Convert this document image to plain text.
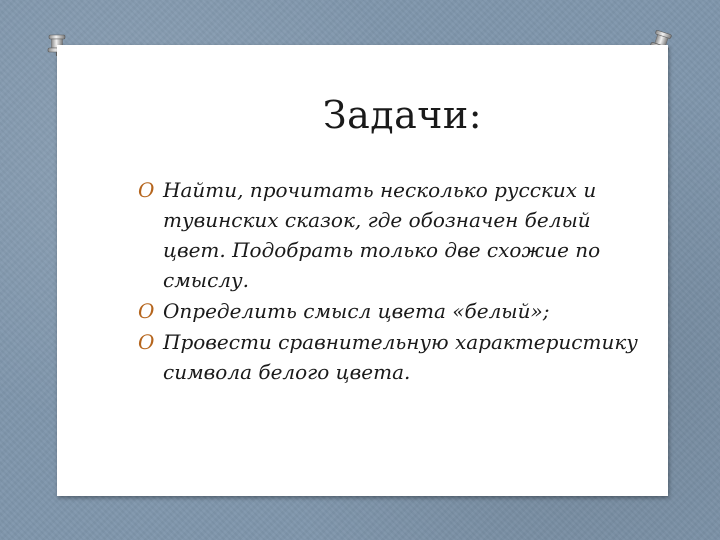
Задачи:
O Найти, прочитать несколько русских и тувинских сказок, где обозначен белый цвет. Подобрать только две схожие по смыслу.
O Определить смысл цвета «белый»;
O Провести сравнительную характеристику символа белого цвета.
